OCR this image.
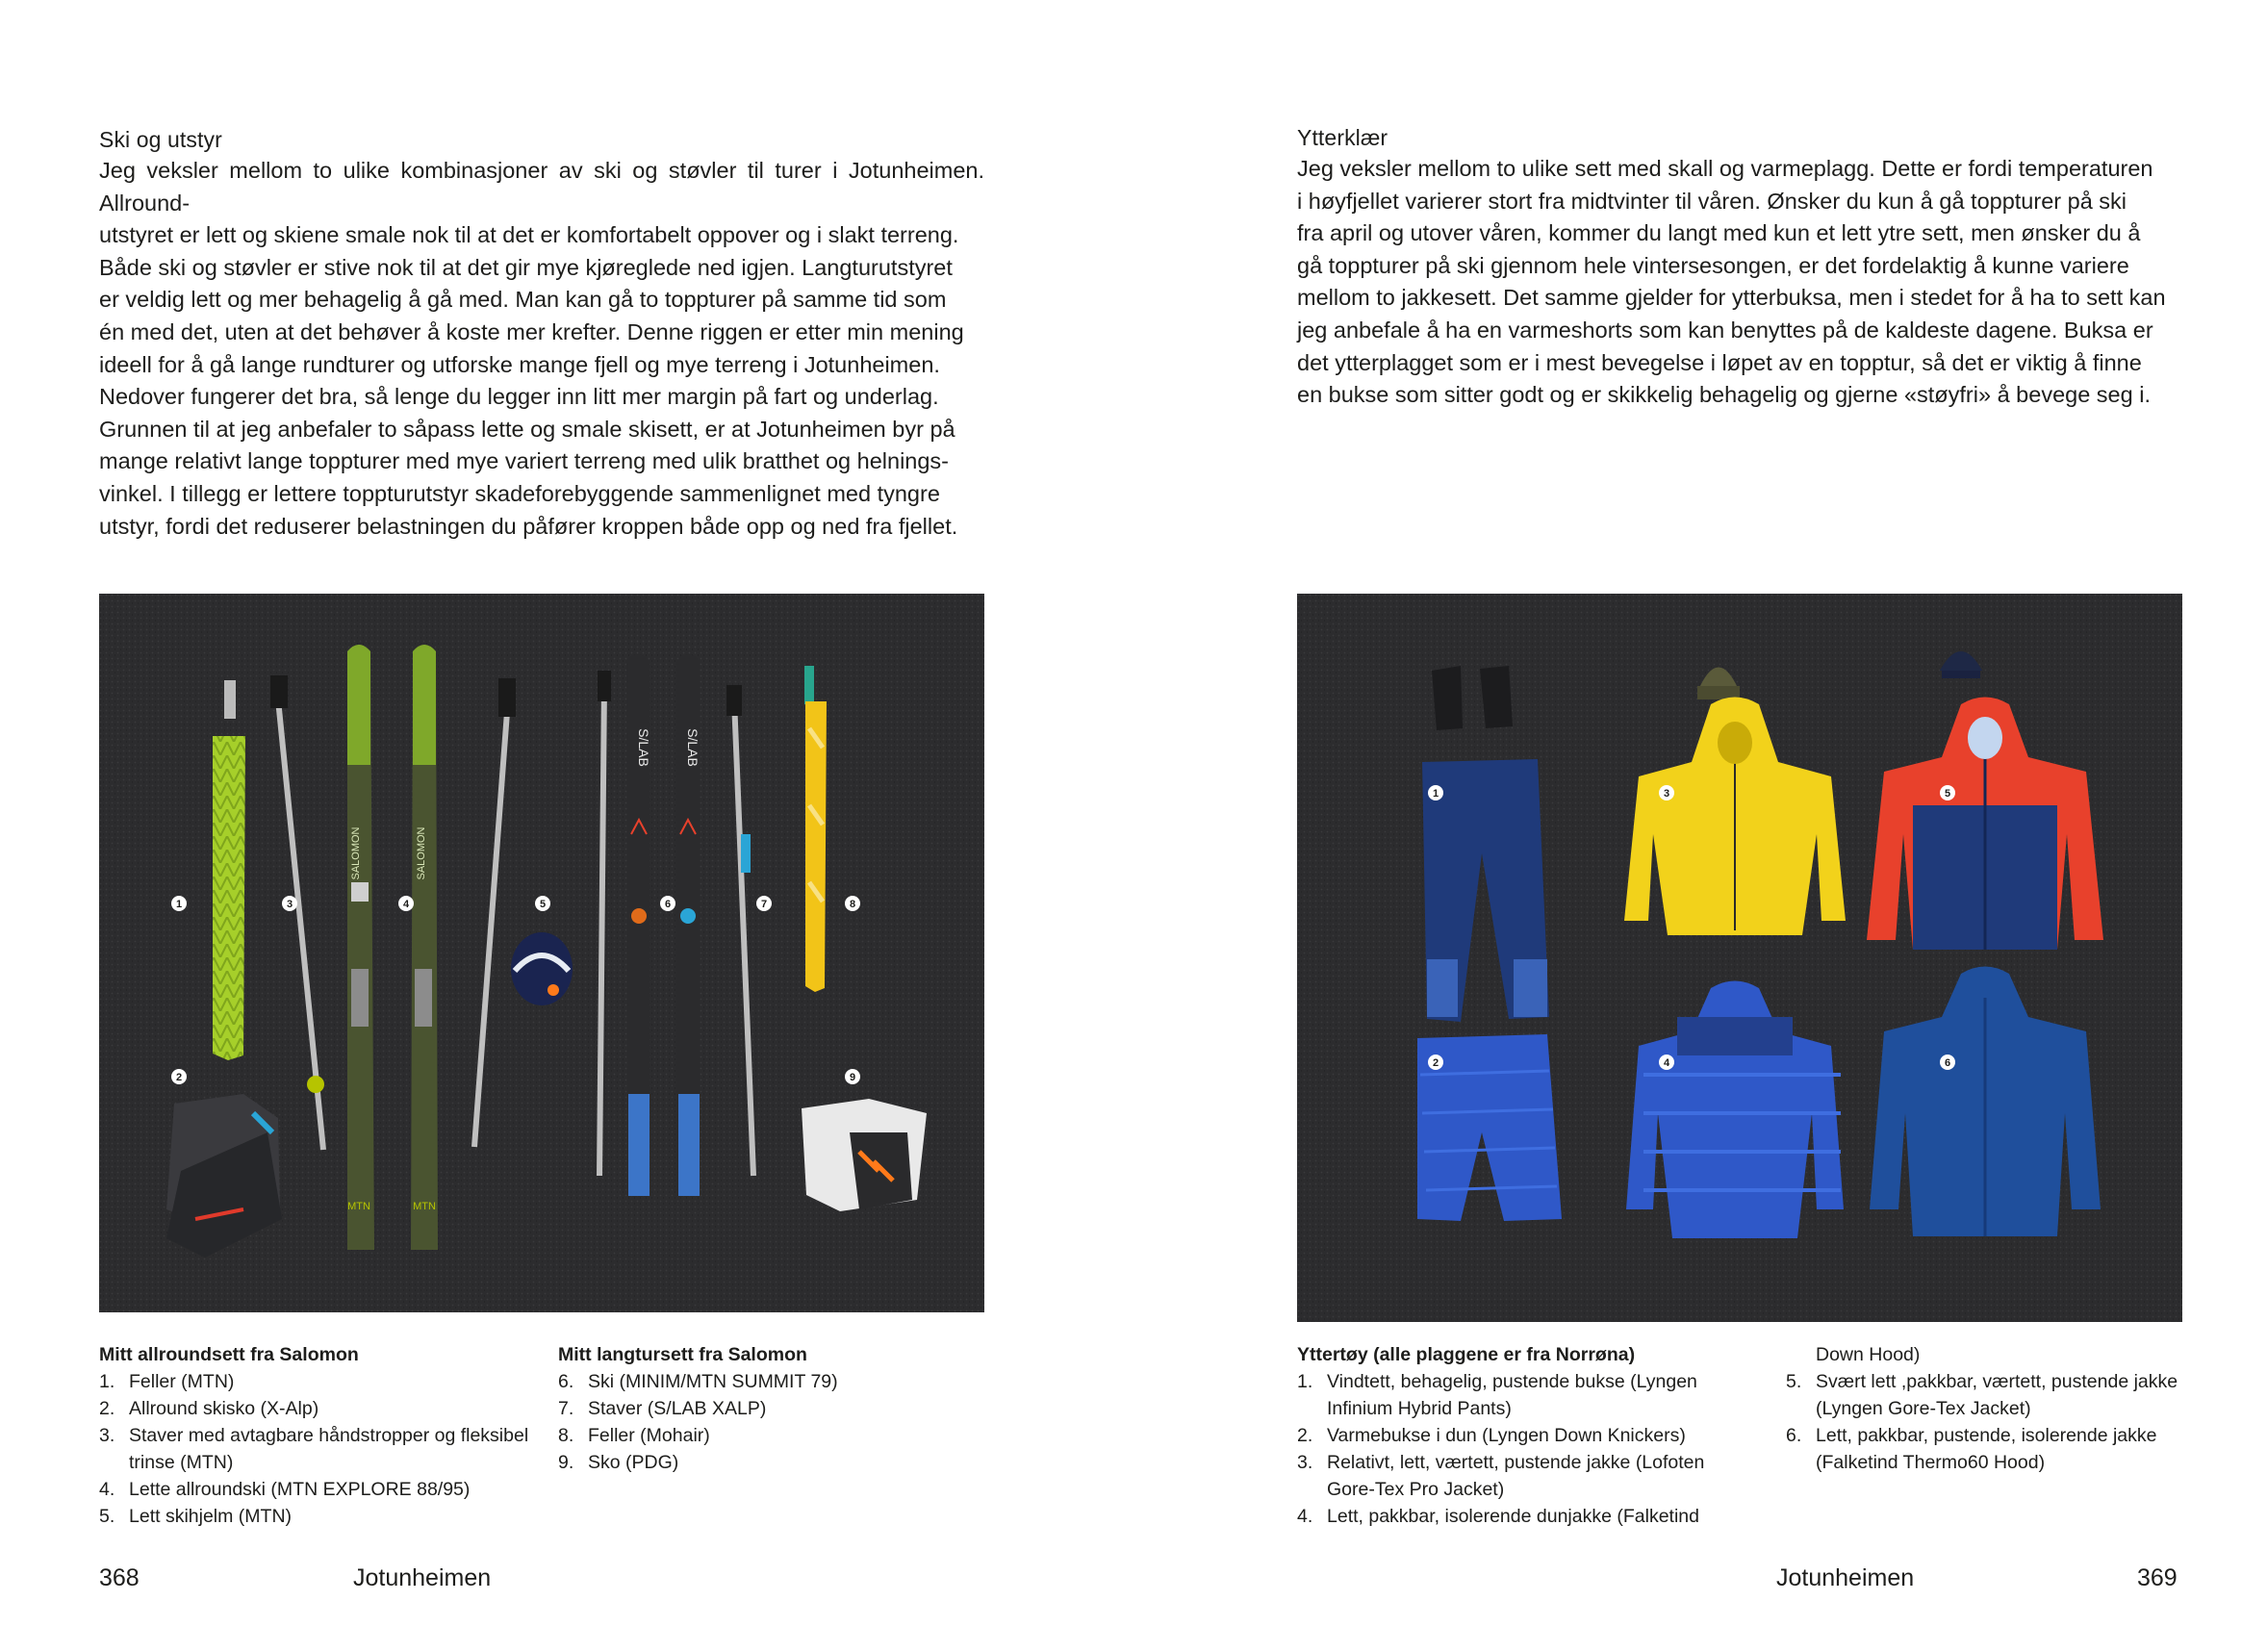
Ski og utstyr

Jeg veksler mellom to ulike kombinasjoner av ski og støvler til turer i Jotunheimen. Allround-

utstyret er lett og skiene smale nok til at det er komfortabelt oppover og i slakt terreng.

Både ski og støvler er stive nok til at det gir mye kjøreglede ned igjen. Langturutstyret

er veldig lett og mer behagelig å gå med. Man kan gå to toppturer på samme tid som

én med det, uten at det behøver å koste mer krefter. Denne riggen er etter min mening

ideell for å gå lange rundturer og utforske mange fjell og mye terreng i Jotunheimen.

Nedover fungerer det bra, så lenge du legger inn litt mer margin på fart og underlag.

Grunnen til at jeg anbefaler to såpass lette og smale skisett, er at Jotunheimen byr på

mange relativt lange toppturer med mye variert terreng med ulik bratthet og helnings-

vinkel. I tillegg er lettere toppturutstyr skadeforebyggende sammenlignet med tyngre

utstyr, fordi det reduserer belastningen du påfører kroppen både opp og ned fra fjellet.

SALOMON	SALOMON
MTN	MTN
S/LAB	S/LAB
1
2
3	4	5	6	7	8
9
Mitt allroundsett fra Salomon
1. Feller (MTN)
2. Allround skisko (X-Alp)
3. Staver med avtagbare håndstropper og fleksibel
trinse (MTN)
4. Lette allroundski (MTN EXPLORE 88/95)
5. Lett skihjelm (MTN)
Mitt langtursett fra Salomon
6. Ski (MINIM/MTN SUMMIT 79)
7. Staver (S/LAB XALP)
8. Feller (Mohair)
9. Sko (PDG)
368	Jotunheimen
Ytterklær

Jeg veksler mellom to ulike sett med skall og varmeplagg. Dette er fordi temperaturen

i høyfjellet varierer stort fra midtvinter til våren. Ønsker du kun å gå toppturer på ski

fra april og utover våren, kommer du langt med kun et lett ytre sett, men ønsker du å

gå toppturer på ski gjennom hele vintersesongen, er det fordelaktig å kunne variere

mellom to jakkesett. Det samme gjelder for ytterbuksa, men i stedet for å ha to sett kan

jeg anbefale å ha en varmeshorts som kan benyttes på de kaldeste dagene. Buksa er

det ytterplagget som er i mest bevegelse i løpet av en topptur, så det er viktig å finne

en bukse som sitter godt og er skikkelig behagelig og gjerne «støyfri» å bevege seg i.

1
2
3
4
5
6
Yttertøy (alle plaggene er fra Norrøna)
1. Vindtett, behagelig, pustende bukse (Lyngen
Infinium Hybrid Pants)
2. Varmebukse i dun (Lyngen Down Knickers)
3. Relativt, lett, værtett, pustende jakke (Lofoten
Gore-Tex Pro Jacket)
4. Lett, pakkbar, isolerende dunjakke (Falketind
Down Hood)
5. Svært lett ,pakkbar, værtett, pustende jakke
(Lyngen Gore-Tex Jacket)
6. Lett, pakkbar, pustende, isolerende jakke
(Falketind Thermo60 Hood)
Jotunheimen	369
